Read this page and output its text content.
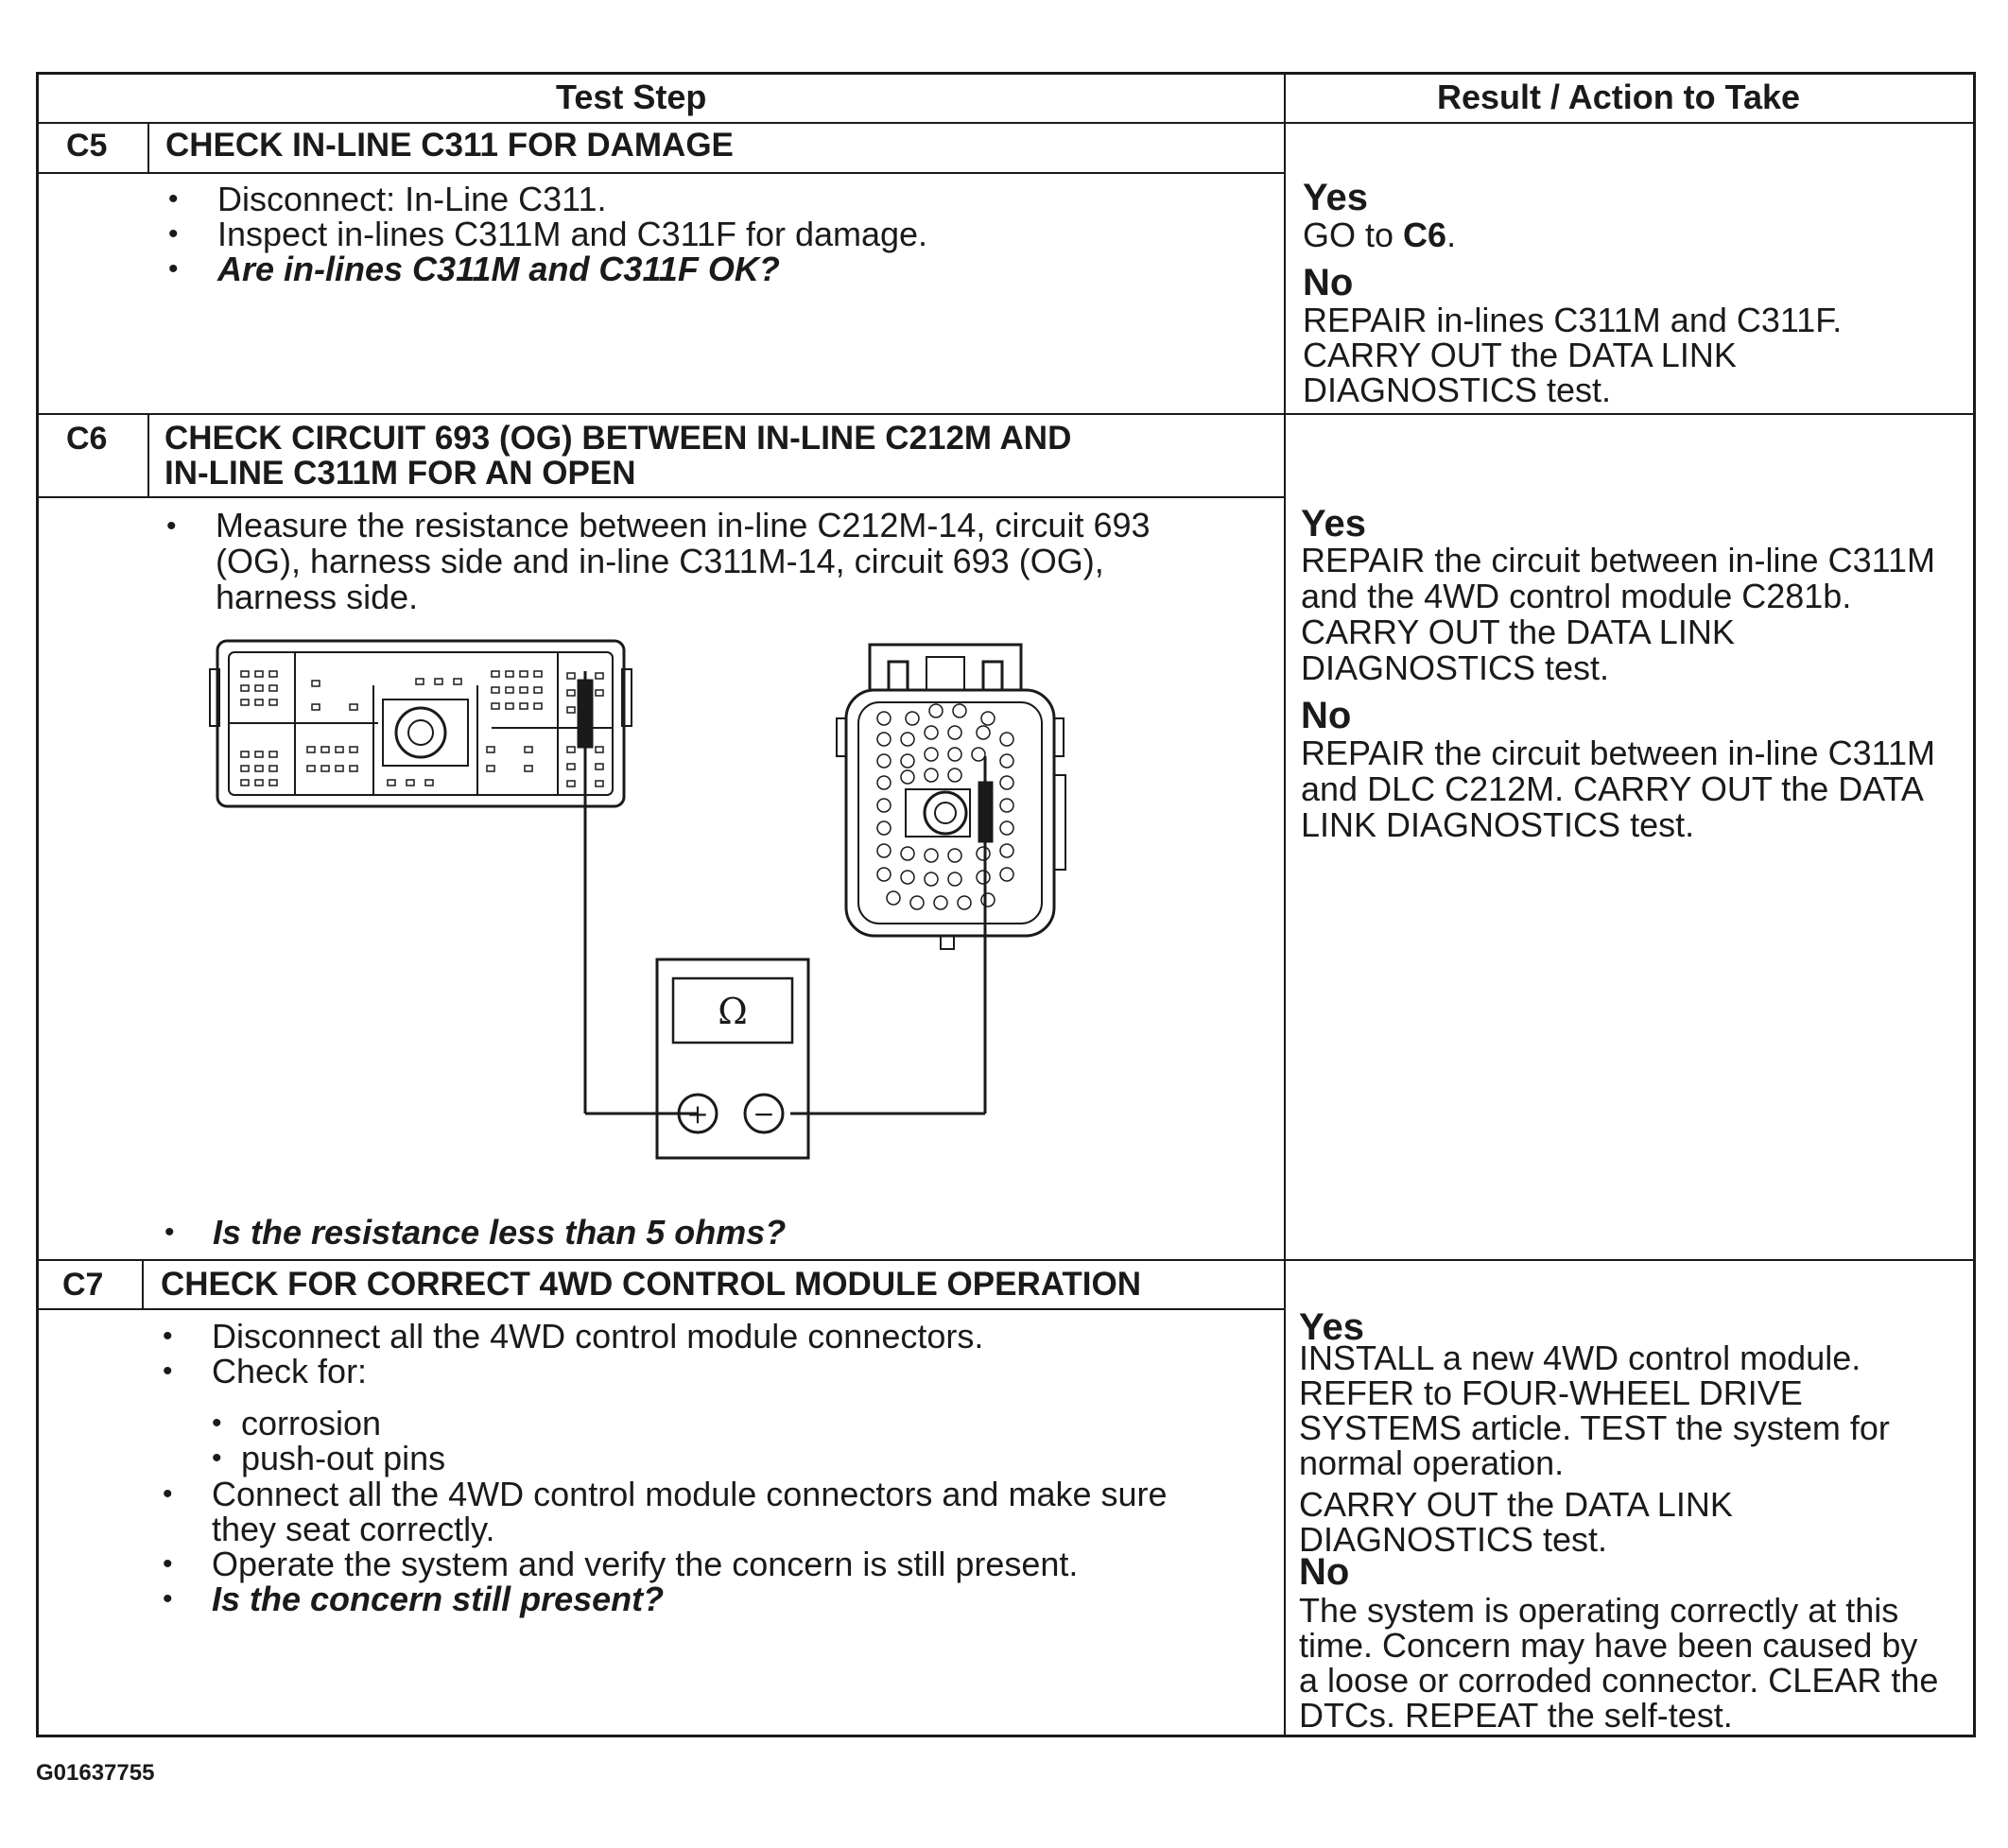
Test Step	Result / Action to Take
C5 CHECK IN-LINE C311 FOR DAMAGE
• Disconnect: In-Line C311.
• Inspect in-lines C311M and C311F for damage.
• Are in-lines C311M and C311F OK?
Yes
GO to C6.
No
REPAIR in-lines C311M and C311F.
CARRY OUT the DATA LINK
DIAGNOSTICS test.
C6 CHECK CIRCUIT 693 (OG) BETWEEN IN-LINE C212M AND
IN-LINE C311M FOR AN OPEN
• Measure the resistance between in-line C212M-14, circuit 693
(OG), harness side and in-line C311M-14, circuit 693 (OG),
harness side.
Ω
+ −
• Is the resistance less than 5 ohms?
Yes
REPAIR the circuit between in-line C311M
and the 4WD control module C281b.
CARRY OUT the DATA LINK
DIAGNOSTICS test.
No
REPAIR the circuit between in-line C311M
and DLC C212M. CARRY OUT the DATA
LINK DIAGNOSTICS test.
C7 CHECK FOR CORRECT 4WD CONTROL MODULE OPERATION
• Disconnect all the 4WD control module connectors.
• Check for:
• corrosion
• push-out pins
• Connect all the 4WD control module connectors and make sure
they seat correctly.
• Operate the system and verify the concern is still present.
• Is the concern still present?
Yes
INSTALL a new 4WD control module.
REFER to FOUR-WHEEL DRIVE
SYSTEMS article. TEST the system for
normal operation.
CARRY OUT the DATA LINK
DIAGNOSTICS test.
No
The system is operating correctly at this
time. Concern may have been caused by
a loose or corroded connector. CLEAR the
DTCs. REPEAT the self-test.
G01637755
